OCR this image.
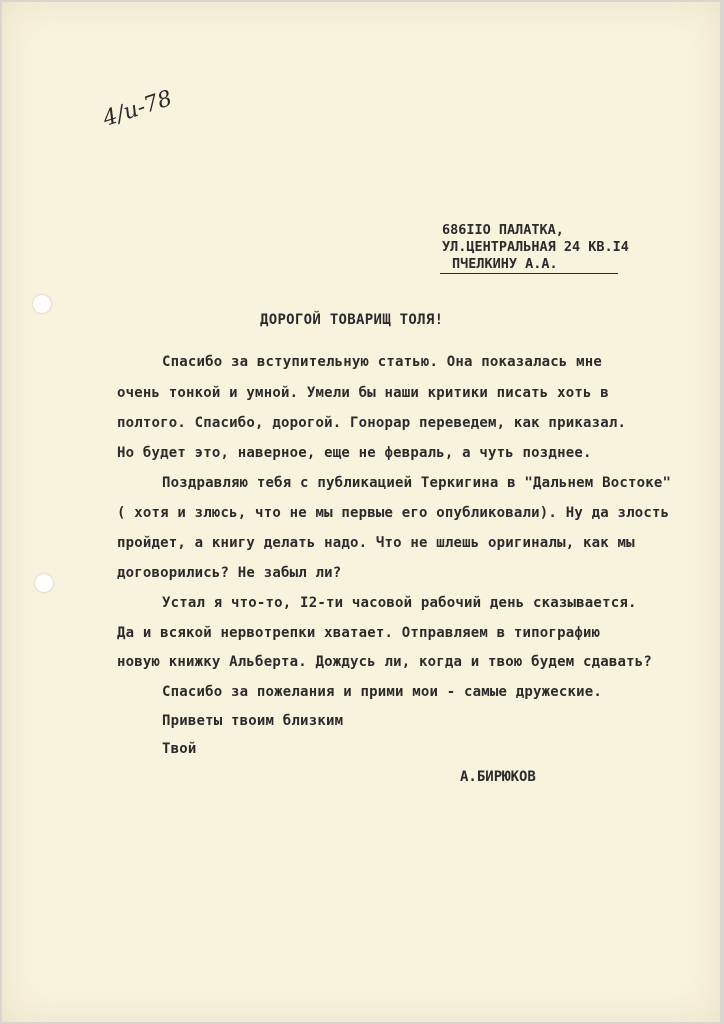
4/и-78
686IIO ПАЛАТКА,
УЛ.ЦЕНТРАЛЬНАЯ 24 КВ.I4
ПЧЕЛКИНУ А.А.
ДОРОГОЙ ТОВАРИЩ ТОЛЯ!
Спасибо за вступительную статью. Она показалась мне
очень тонкой и умной. Умели бы наши критики писать хоть в
полтого. Спасибо, дорогой. Гонорар переведем, как приказал.
Но будет это, наверное, еще не февраль, а чуть позднее.
Поздравляю тебя с публикацией Теркигина в "Дальнем Востоке"
( хотя и злюсь, что не мы первые его опубликовали). Ну да злость
пройдет, а книгу делать надо. Что не шлешь оригиналы, как мы
договорились? Не забыл ли?
Устал я что-то, I2-ти часовой рабочий день сказывается.
Да и всякой нервотрепки хватает. Отправляем в типографию
новую книжку Альберта. Дождусь ли, когда и твою будем сдавать?
Спасибо за пожелания и прими мои - самые дружеские.
Приветы твоим близким
Твой
А.БИРЮКОВ
